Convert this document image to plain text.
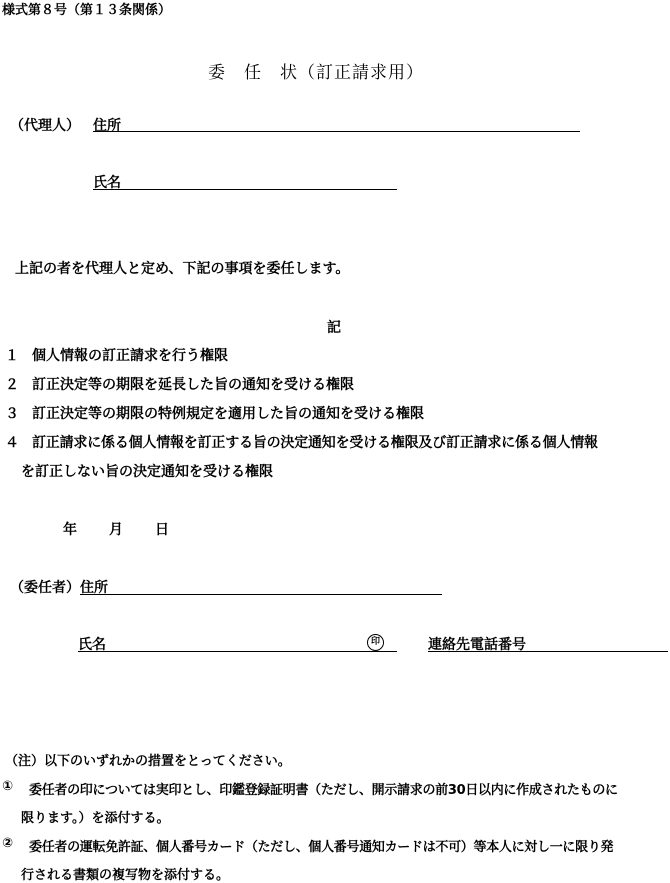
様式第８号（第１３条関係）
委　任　状（訂正請求用）
（代理人） 住所
氏名
上記の者を代理人と定め、下記の事項を委任します。
記
１ 個人情報の訂正請求を行う権限
２ 訂正決定等の期限を延長した旨の通知を受ける権限
３ 訂正決定等の期限の特例規定を適用した旨の通知を受ける権限
４ 訂正請求に係る個人情報を訂正する旨の決定通知を受ける権限及び訂正請求に係る個人情報
を訂正しない旨の決定通知を受ける権限
年 月 日
（委任者） 住所
氏名	印	連絡先電話番号
（注）以下のいずれかの措置をとってください。
① 委任者の印については実印とし、印鑑登録証明書（ただし、開示請求の前30日以内に作成されたものに
限ります。）を添付する。
② 委任者の運転免許証、個人番号カード（ただし、個人番号通知カードは不可）等本人に対し一に限り発
行される書類の複写物を添付する。
